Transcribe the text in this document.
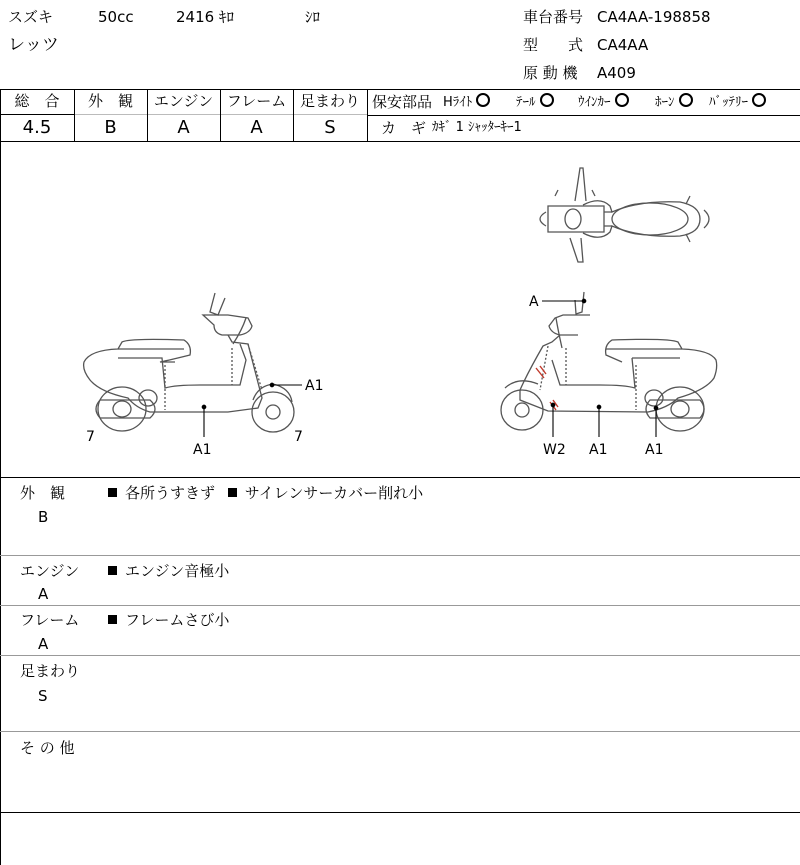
スズキ	50cc	2416 ｷﾛ	ｼﾛ
レッツ
車台番号 CA4AA-198858
型　　式 CA4AA
原 動 機 A409
総　合
4.5
外　観
B
エンジン
A
フレーム
A
足まわり
S
保安部品 Hﾗｲﾄ	ﾃｰﾙ	ｳｲﾝｶｰ	ﾎｰﾝ	ﾊﾞｯﾃﾘｰ
カ　ギ ｶｷﾞ 1 ｼｬｯﾀｰｷｰ1
A1
7
A1
7
A
W2 A1	A1
外　観
B
各所うすきず サイレンサーカバー削れ小
エンジン
A
エンジン音極小
フレーム
A
フレームさび小
足まわり
S
そ の 他
